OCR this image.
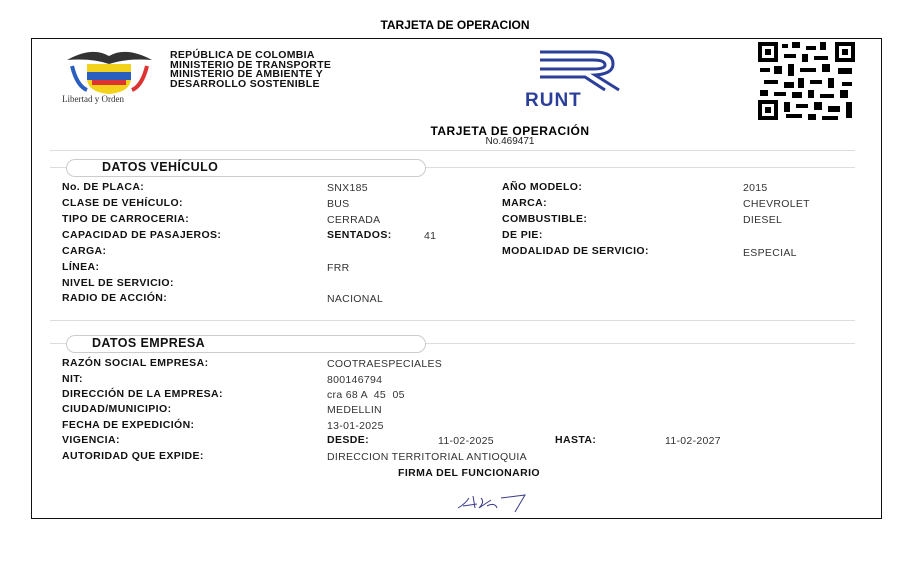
TARJETA DE OPERACION
Libertad y Orden
REPÚBLICA DE COLOMBIA
MINISTERIO DE TRANSPORTE
MINISTERIO DE AMBIENTE Y
DESARROLLO SOSTENIBLE
RUNT
TARJETA DE OPERACIÓN
No.469471
DATOS VEHÍCULO
No. DE PLACA:	SNX185
CLASE DE VEHÍCULO:	BUS
TIPO DE CARROCERIA:	CERRADA
CAPACIDAD DE PASAJEROS:	SENTADOS:	41
CARGA:
LÍNEA:	FRR
NIVEL DE SERVICIO:
RADIO DE ACCIÓN:	NACIONAL
AÑO MODELO:	2015
MARCA:	CHEVROLET
COMBUSTIBLE:	DIESEL
DE PIE:
MODALIDAD DE SERVICIO:	ESPECIAL
DATOS EMPRESA
RAZÓN SOCIAL EMPRESA:	COOTRAESPECIALES
NIT:	800146794
DIRECCIÓN DE LA EMPRESA:	cra 68 A  45  05
CIUDAD/MUNICIPIO:	MEDELLIN
FECHA DE EXPEDICIÓN:	13-01-2025
VIGENCIA:	DESDE:	11-02-2025	HASTA:	11-02-2027
AUTORIDAD QUE EXPIDE:	DIRECCION TERRITORIAL ANTIOQUIA
FIRMA DEL FUNCIONARIO
